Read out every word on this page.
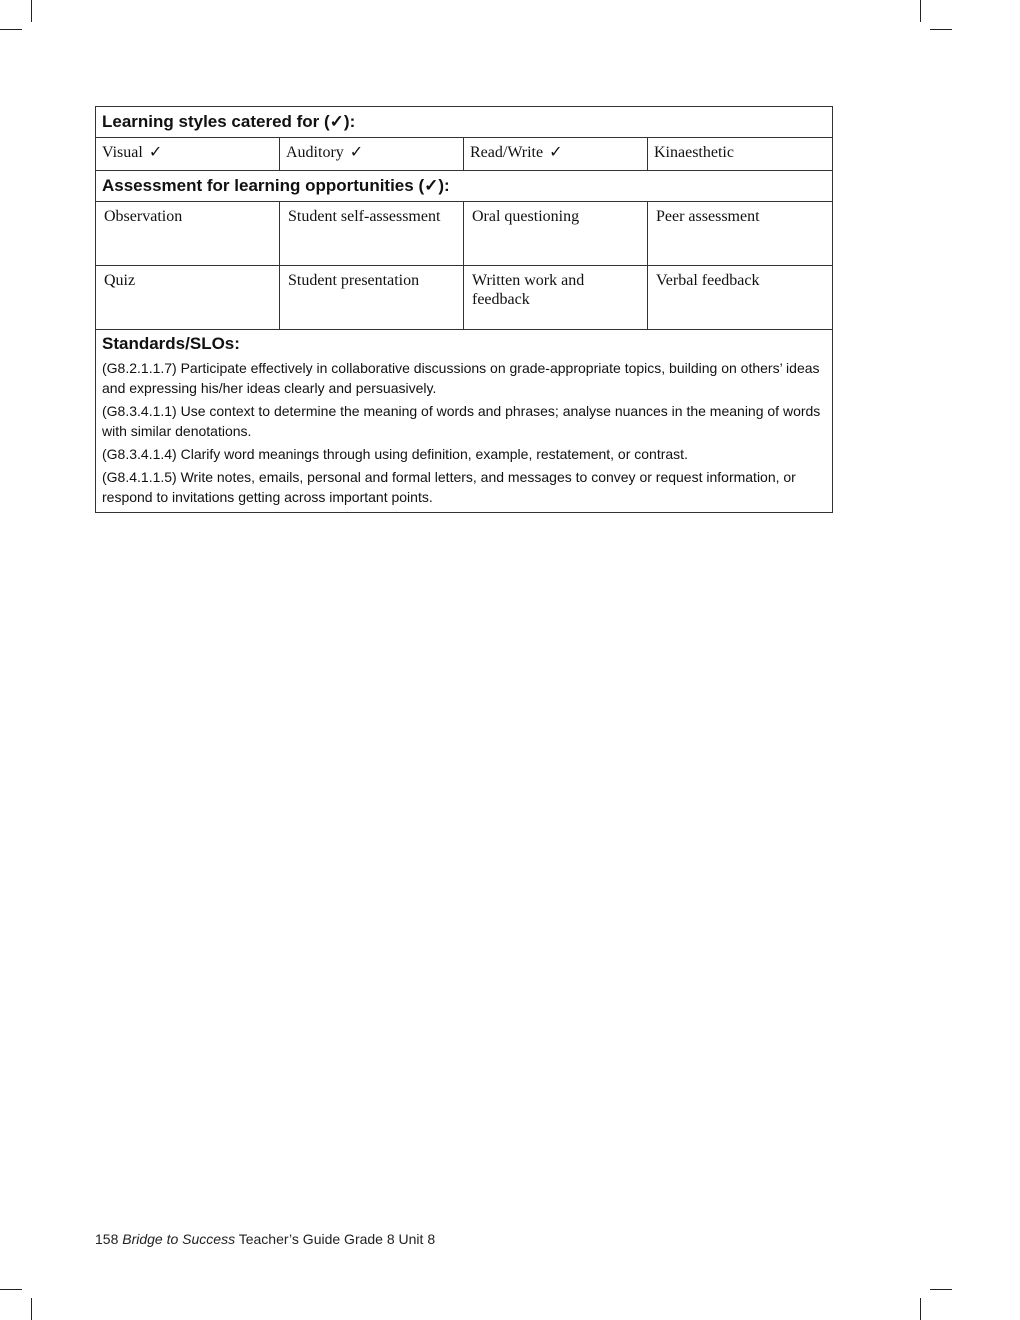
Learning styles catered for (✓):			
Visual ✓	Auditory ✓	Read/Write ✓	Kinaesthetic
Assessment for learning opportunities (✓):			
Observation	Student self-assessment	Oral questioning	Peer assessment
Quiz	Student presentation	Written work and feedback	Verbal feedback

Standards/SLOs:
(G8.2.1.1.7) Participate effectively in collaborative discussions on grade-appropriate topics, building on others’ ideas and expressing his/her ideas clearly and persuasively.
(G8.3.4.1.1) Use context to determine the meaning of words and phrases; analyse nuances in the meaning of words with similar denotations.
(G8.3.4.1.4) Clarify word meanings through using definition, example, restatement, or contrast.
(G8.4.1.1.5) Write notes, emails, personal and formal letters, and messages to convey or request information, or respond to invitations getting across important points.			
158 Bridge to Success Teacher’s Guide Grade 8 Unit 8
